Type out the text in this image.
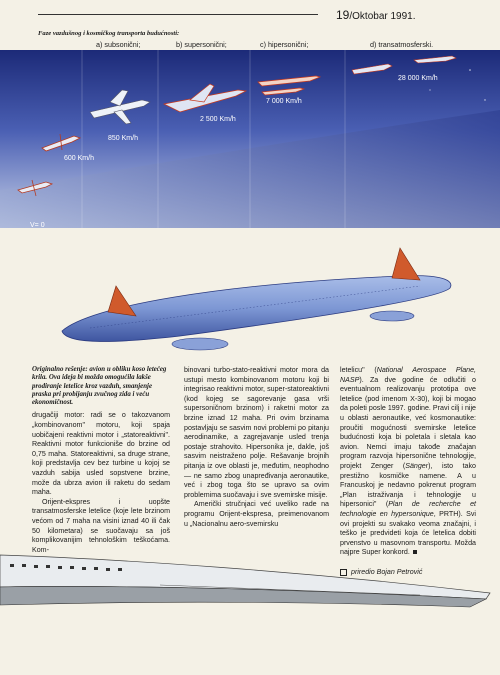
19/Oktobar 1991.
Faze vazdušnog i kosmičkog transporta budućnosti:
a) subsonični;	b) supersonični;	c) hipersonični;	d) transatmosferski.
V= 0
600 Km/h
850 Km/h
2 500 Km/h
7 000 Km/h
28 000 Km/h

Originalno rešenje: avion u obliku koso letećeg krila. Ova ideja bi možda omogućila lakše prodiranje letelice kroz vazduh, smanjenje praska pri probijanju zvučnog zida i veću ekonomičnost.

drugačiji motor: radi se o takozvanom „kombinovanom" motoru, koji spaja uobičajeni reaktivni motor i „statoreaktivni". Reaktivni motor funkcioniše do brzine od 0,75 maha. Statoreaktivni, sa druge strane, koji predstavlja cev bez turbine u kojoj se vazduh sabija usled sopstvene brzine, može da ubrza avion ili raketu do sedam maha.

Orijent-ekspres i uopšte transatmosferske letelice (koje lete brzinom većom od 7 maha na visini iznad 40 ili čak 50 kilometara) se suočavaju sa još komplikovanijim tehnološkim teškoćama. Kom-

binovani turbo-stato-reaktivni motor mora da ustupi mesto kombinovanom motoru koji bi integrisao reaktivni motor, super-statoreaktivni (kod kojeg se sagorevanje gasa vrši supersoničnom brzinom) i raketni motor za brzine iznad 12 maha. Pri ovim brzinama postavljaju se sasvim novi problemi po pitanju aerodinamike, a zagrejavanje usled trenja postaje strahovito. Hipersonika je, dakle, još sasvim neistraženo polje. Rešavanje brojnih pitanja iz ove oblasti je, međutim, neophodno — ne samo zbog unapređivanja aeronautike, već i zbog toga što se upravo sa ovim problemima suočavaju i sve svemirske misije.

Američki stručnjaci već uveliko rade na programu Orijent-ekspresa, preimenovanom u „Nacionalnu aero-svemirsku

letelicu" (National Aerospace Plane, NASP). Za dve godine će odlučiti o eventualnom realizovanju prototipa ove letelice (pod imenom X-30), koji bi mogao da poleti posle 1997. godine. Pravi cilj i nije u oblasti aeronautike, već kosmonautike: proučiti mogućnosti svemirske letelice budućnosti koja bi poletala i sletala kao avion. Nemci imaju takođe značajan program razvoja hipersonične tehnologije, projekt Zenger (Sänger), isto tako prestižno kosmičke namene. A u Francuskoj je nedavno pokrenut program „Plan istraživanja i tehnologije u hipersonici" (Plan de recherche et technologie en hypersonique, PRTH). Svi ovi projekti su svakako veoma značajni, i teško je predvideti koja će letelica dobiti prvenstvo u masovnom transportu. Možda najpre Super konkord.

priredio Bojan Petrović
